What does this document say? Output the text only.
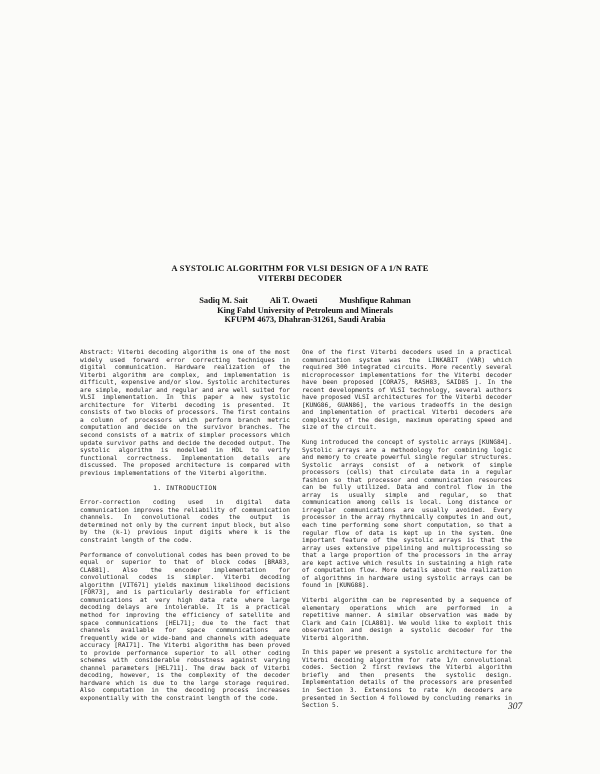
A SYSTOLIC ALGORITHM FOR VLSI DESIGN OF A 1/N RATE
VITERBI DECODER
Sadiq M. Sait	Ali T. Owaeti	Mushfique Rahman
King Fahd University of Petroleum and Minerals
KFUPM 4673, Dhahran-31261, Saudi Arabia

Abstract: Viterbi decoding algorithm is one of the most widely used forward error correcting techniques in digital communication. Hardware realization of the Viterbi algorithm are complex, and implementation is difficult, expensive and/or slow. Systolic architectures are simple, modular and regular and are well suited for VLSI implementation. In this paper a new systolic architecture for Viterbi decoding is presented. It consists of two blocks of processors. The first contains a column of processors which perform branch metric computation and decide on the survivor branches. The second consists of a matrix of simpler processors which update survivor paths and decide the decoded output. The systolic algorithm is modelled in HDL to verify functional correctness. Implementation details are discussed. The proposed architecture is compared with previous implementations of the Viterbi algorithm.

1. INTRODUCTION

Error-correction coding used in digital data communication improves the reliability of communication channels. In convolutional codes the output is determined not only by the current input block, but also by the (k-1) previous input digits where k is the constraint length of the code.

Performance of convolutional codes has been proved to be equal or superior to that of block codes [BRA83, CLA881]. Also the encoder implementation for convolutional codes is simpler. Viterbi decoding algorithm [VIT671] yields maximum likelihood decisions [FOR73], and is particularly desirable for efficient communications at very high data rate where large decoding delays are intolerable. It is a practical method for improving the efficiency of satellite and space communications [HEL71]; due to the fact that channels available for space communications are frequently wide or wide-band and channels with adequate accuracy [RAI71]. The Viterbi algorithm has been proved to provide performance superior to all other coding schemes with considerable robustness against varying channel parameters [HEL711]. The draw back of Viterbi decoding, however, is the complexity of the decoder hardware which is due to the large storage required. Also computation in the decoding process increases exponentially with the constraint length of the code.

One of the first Viterbi decoders used in a practical communication system was the LINKABIT (VAR) which required 300 integrated circuits. More recently several microprocessor implementations for the Viterbi decoder have been proposed [CORA75, RASH83, SAID85 ]. In the recent developments of VLSI technology, several authors have proposed VLSI architectures for the Viterbi decoder [KUNG86, GUAN86], the various tradeoffs in the design and implementation of practical Viterbi decoders are complexity of the design, maximum operating speed and size of the circuit.

Kung introduced the concept of systolic arrays [KUNG84]. Systolic arrays are a methodology for combining logic and memory to create powerful single regular structures. Systolic arrays consist of a network of simple processors (cells) that circulate data in a regular fashion so that processor and communication resources can be fully utilized. Data and control flow in the array is usually simple and regular, so that communication among cells is local. Long distance or irregular communications are usually avoided. Every processor in the array rhythmically computes in and out, each time performing some short computation, so that a regular flow of data is kept up in the system. One important feature of the systolic arrays is that the array uses extensive pipelining and multiprocessing so that a large proportion of the processors in the array are kept active which results in sustaining a high rate of computation flow. More details about the realization of algorithms in hardware using systolic arrays can be found in [KUNG88].

Viterbi algorithm can be represented by a sequence of elementary operations which are performed in a repetitive manner. A similar observation was made by Clark and Cain [CLA881]. We would like to exploit this observation and design a systolic decoder for the Viterbi algorithm.

In this paper we present a systolic architecture for the Viterbi decoding algorithm for rate 1/n convolutional codes. Section 2 first reviews the Viterbi algorithm briefly and then presents the systolic design. Implementation details of the processors are presented in Section 3. Extensions to rate k/n decoders are presented in Section 4 followed by concluding remarks in Section 5.	307
